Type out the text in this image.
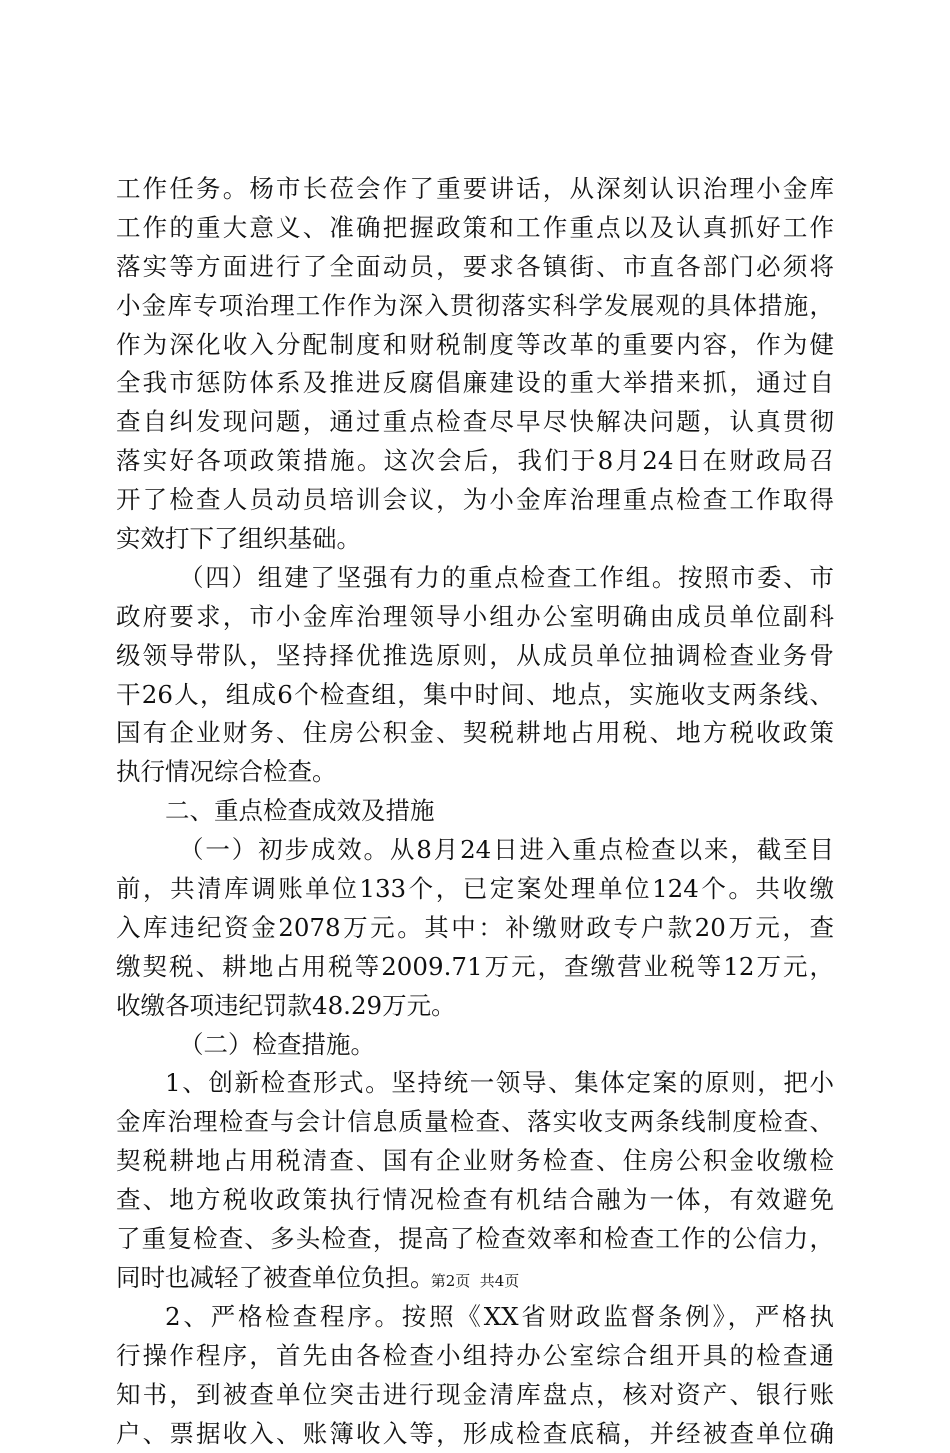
工作任务。杨市长莅会作了重要讲话，从深刻认识治理小金库
工作的重大意义、准确把握政策和工作重点以及认真抓好工作
落实等方面进行了全面动员，要求各镇街、市直各部门必须将
小金库专项治理工作作为深入贯彻落实科学发展观的具体措施，
作为深化收入分配制度和财税制度等改革的重要内容，作为健
全我市惩防体系及推进反腐倡廉建设的重大举措来抓，通过自
查自纠发现问题，通过重点检查尽早尽快解决问题，认真贯彻
落实好各项政策措施。这次会后，我们于8月24日在财政局召
开了检查人员动员培训会议，为小金库治理重点检查工作取得
实效打下了组织基础。
（四）组建了坚强有力的重点检查工作组。按照市委、市
政府要求，市小金库治理领导小组办公室明确由成员单位副科
级领导带队，坚持择优推选原则，从成员单位抽调检查业务骨
干26人，组成6个检查组，集中时间、地点，实施收支两条线、
国有企业财务、住房公积金、契税耕地占用税、地方税收政策
执行情况综合检查。
二、重点检查成效及措施
（一）初步成效。从8月24日进入重点检查以来，截至目
前，共清库调账单位133个，已定案处理单位124个。共收缴
入库违纪资金2078万元。其中：补缴财政专户款20万元，查
缴契税、耕地占用税等2009.71万元，查缴营业税等12万元，
收缴各项违纪罚款48.29万元。
（二）检查措施。
1、创新检查形式。坚持统一领导、集体定案的原则，把小
金库治理检查与会计信息质量检查、落实收支两条线制度检查、
契税耕地占用税清查、国有企业财务检查、住房公积金收缴检
查、地方税收政策执行情况检查有机结合融为一体，有效避免
了重复检查、多头检查，提高了检查效率和检查工作的公信力，
同时也减轻了被查单位负担。
2、严格检查程序。按照《XX省财政监督条例》，严格执
行操作程序，首先由各检查小组持办公室综合组开具的检查通
知书，到被查单位突击进行现金清库盘点，核对资产、银行账
户、票据收入、账簿收入等，形成检查底稿，并经被查单位确
第2页  共4页
